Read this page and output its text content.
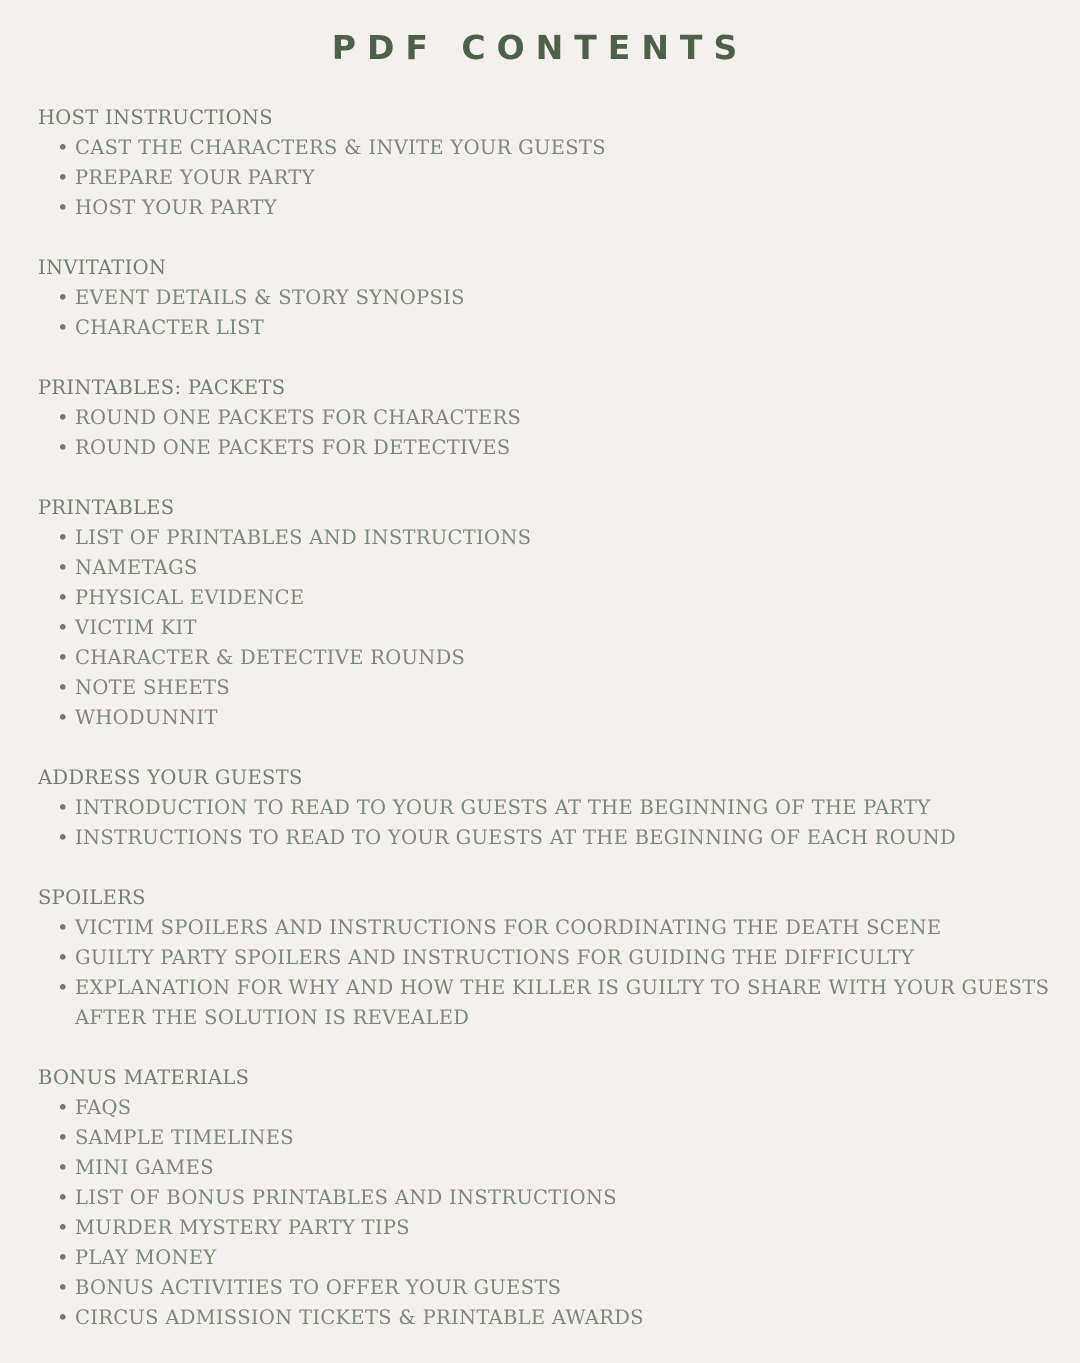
PDF CONTENTS
HOST INSTRUCTIONS
• CAST THE CHARACTERS & INVITE YOUR GUESTS
• PREPARE YOUR PARTY
• HOST YOUR PARTY
INVITATION
• EVENT DETAILS & STORY SYNOPSIS
• CHARACTER LIST
PRINTABLES: PACKETS
• ROUND ONE PACKETS FOR CHARACTERS
• ROUND ONE PACKETS FOR DETECTIVES
PRINTABLES
• LIST OF PRINTABLES AND INSTRUCTIONS
• NAMETAGS
• PHYSICAL EVIDENCE
• VICTIM KIT
• CHARACTER & DETECTIVE ROUNDS
• NOTE SHEETS
• WHODUNNIT
ADDRESS YOUR GUESTS
• INTRODUCTION TO READ TO YOUR GUESTS AT THE BEGINNING OF THE PARTY
• INSTRUCTIONS TO READ TO YOUR GUESTS AT THE BEGINNING OF EACH ROUND
SPOILERS
• VICTIM SPOILERS AND INSTRUCTIONS FOR COORDINATING THE DEATH SCENE
• GUILTY PARTY SPOILERS AND INSTRUCTIONS FOR GUIDING THE DIFFICULTY
• EXPLANATION FOR WHY AND HOW THE KILLER IS GUILTY TO SHARE WITH YOUR GUESTS AFTER THE SOLUTION IS REVEALED
BONUS MATERIALS
• FAQS
• SAMPLE TIMELINES
• MINI GAMES
• LIST OF BONUS PRINTABLES AND INSTRUCTIONS
• MURDER MYSTERY PARTY TIPS
• PLAY MONEY
• BONUS ACTIVITIES TO OFFER YOUR GUESTS
• CIRCUS ADMISSION TICKETS & PRINTABLE AWARDS
